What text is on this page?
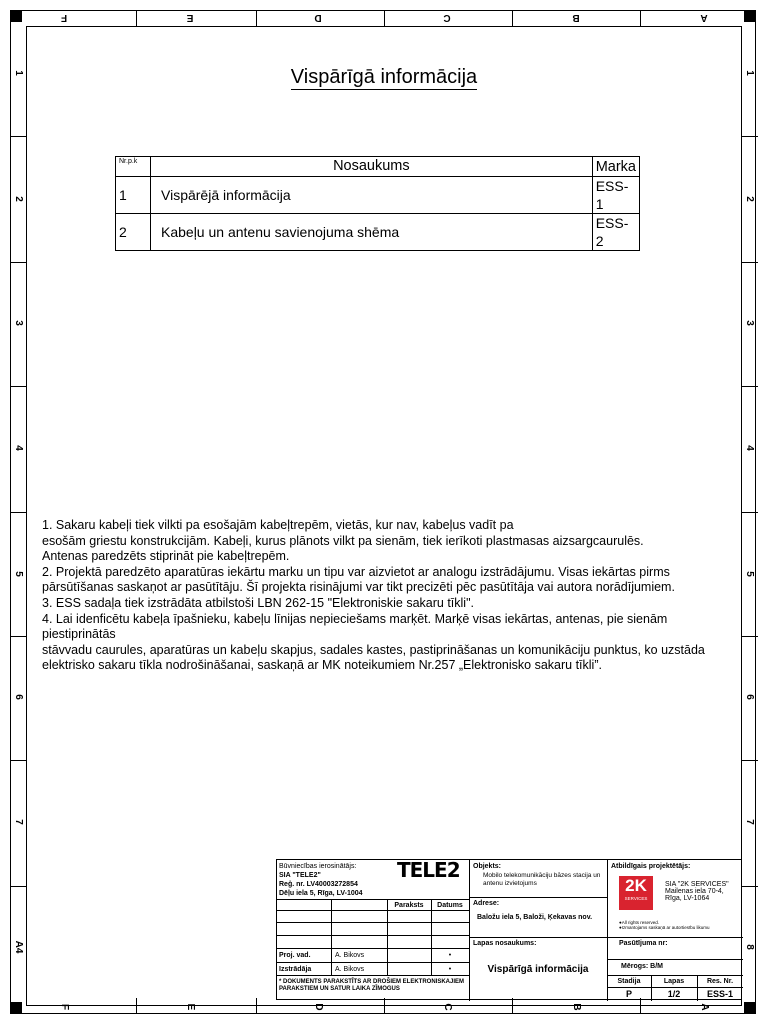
F	E	D	C	B	A
F	E	D	C	B	A
1
2
3
4
5
6
7
A4
1
2
3
4
5
6
7
8
Vispārīgā informācija
Nr.p.k	Nosaukums	Marka
1	Vispārējā informācija	ESS-1
2	Kabeļu un antenu savienojuma shēma	ESS-2

1. Sakaru kabeļi tiek vilkti pa esošajām kabeļtrepēm, vietās, kur nav, kabeļus vadīt pa

esošām griestu konstrukcijām. Kabeļi, kurus plānots vilkt pa sienām, tiek ierīkoti plastmasas aizsargcaurulēs.

Antenas paredzēts stiprināt pie kabeļtrepēm.

2. Projektā paredzēto aparatūras iekārtu marku un tipu var aizvietot ar analogu izstrādājumu. Visas iekārtas pirms

pārsūtīšanas saskaņot ar pasūtītāju. Šī projekta risinājumi var tikt precizēti pēc pasūtītāja vai autora norādījumiem.

3. ESS sadaļa tiek izstrādāta atbilstoši LBN 262-15 "Elektroniskie sakaru tīkli".

4. Lai idenficētu kabeļa īpašnieku, kabeļu līnijas nepieciešams marķēt. Marķē visas iekārtas, antenas, pie sienām piestiprinātās

stāvvadu caurules, aparatūras un kabeļu skapjus, sadales kastes, pastiprināšanas un komunikāciju punktus, ko uzstāda

elektrisko sakaru tīkla nodrošināšanai, saskaņā ar MK noteikumiem Nr.257 „Elektronisko sakaru tīkli”.

Būvniecības ierosinātājs:
SIA "TELE2"
Reģ. nr. LV40003272854
Dēļu iela 5, Rīga, LV-1004
TELE2
Paraksts	Datums
Proj. vad.	A. Bikovs	•
Izstrādāja	A. Bikovs	•
* DOKUMENTS PARAKSTĪTS AR DROŠIEM ELEKTRONISKAJIEM PARAKSTIEM UN SATUR LAIKA ZĪMOGUS
Objekts:
Mobilo telekomunikāciju bāzes stacija un antenu izvietojums
Adrese:
Baložu iela 5, Baloži, Ķekavas nov.
Lapas nosaukums:
Vispārīgā informācija
Atbildīgais projektētājs:
2K
SERVICES
SIA "2K SERVICES"
Mailenas iela 70-4,
Rīga, LV-1064
●All rights reserved.
●Izmantojams saskaņā ar autortiesību likumu
Pasūtījuma nr:
Mērogs: B/M
Stadija	Lapas	Res. Nr.
P	1/2	ESS-1
